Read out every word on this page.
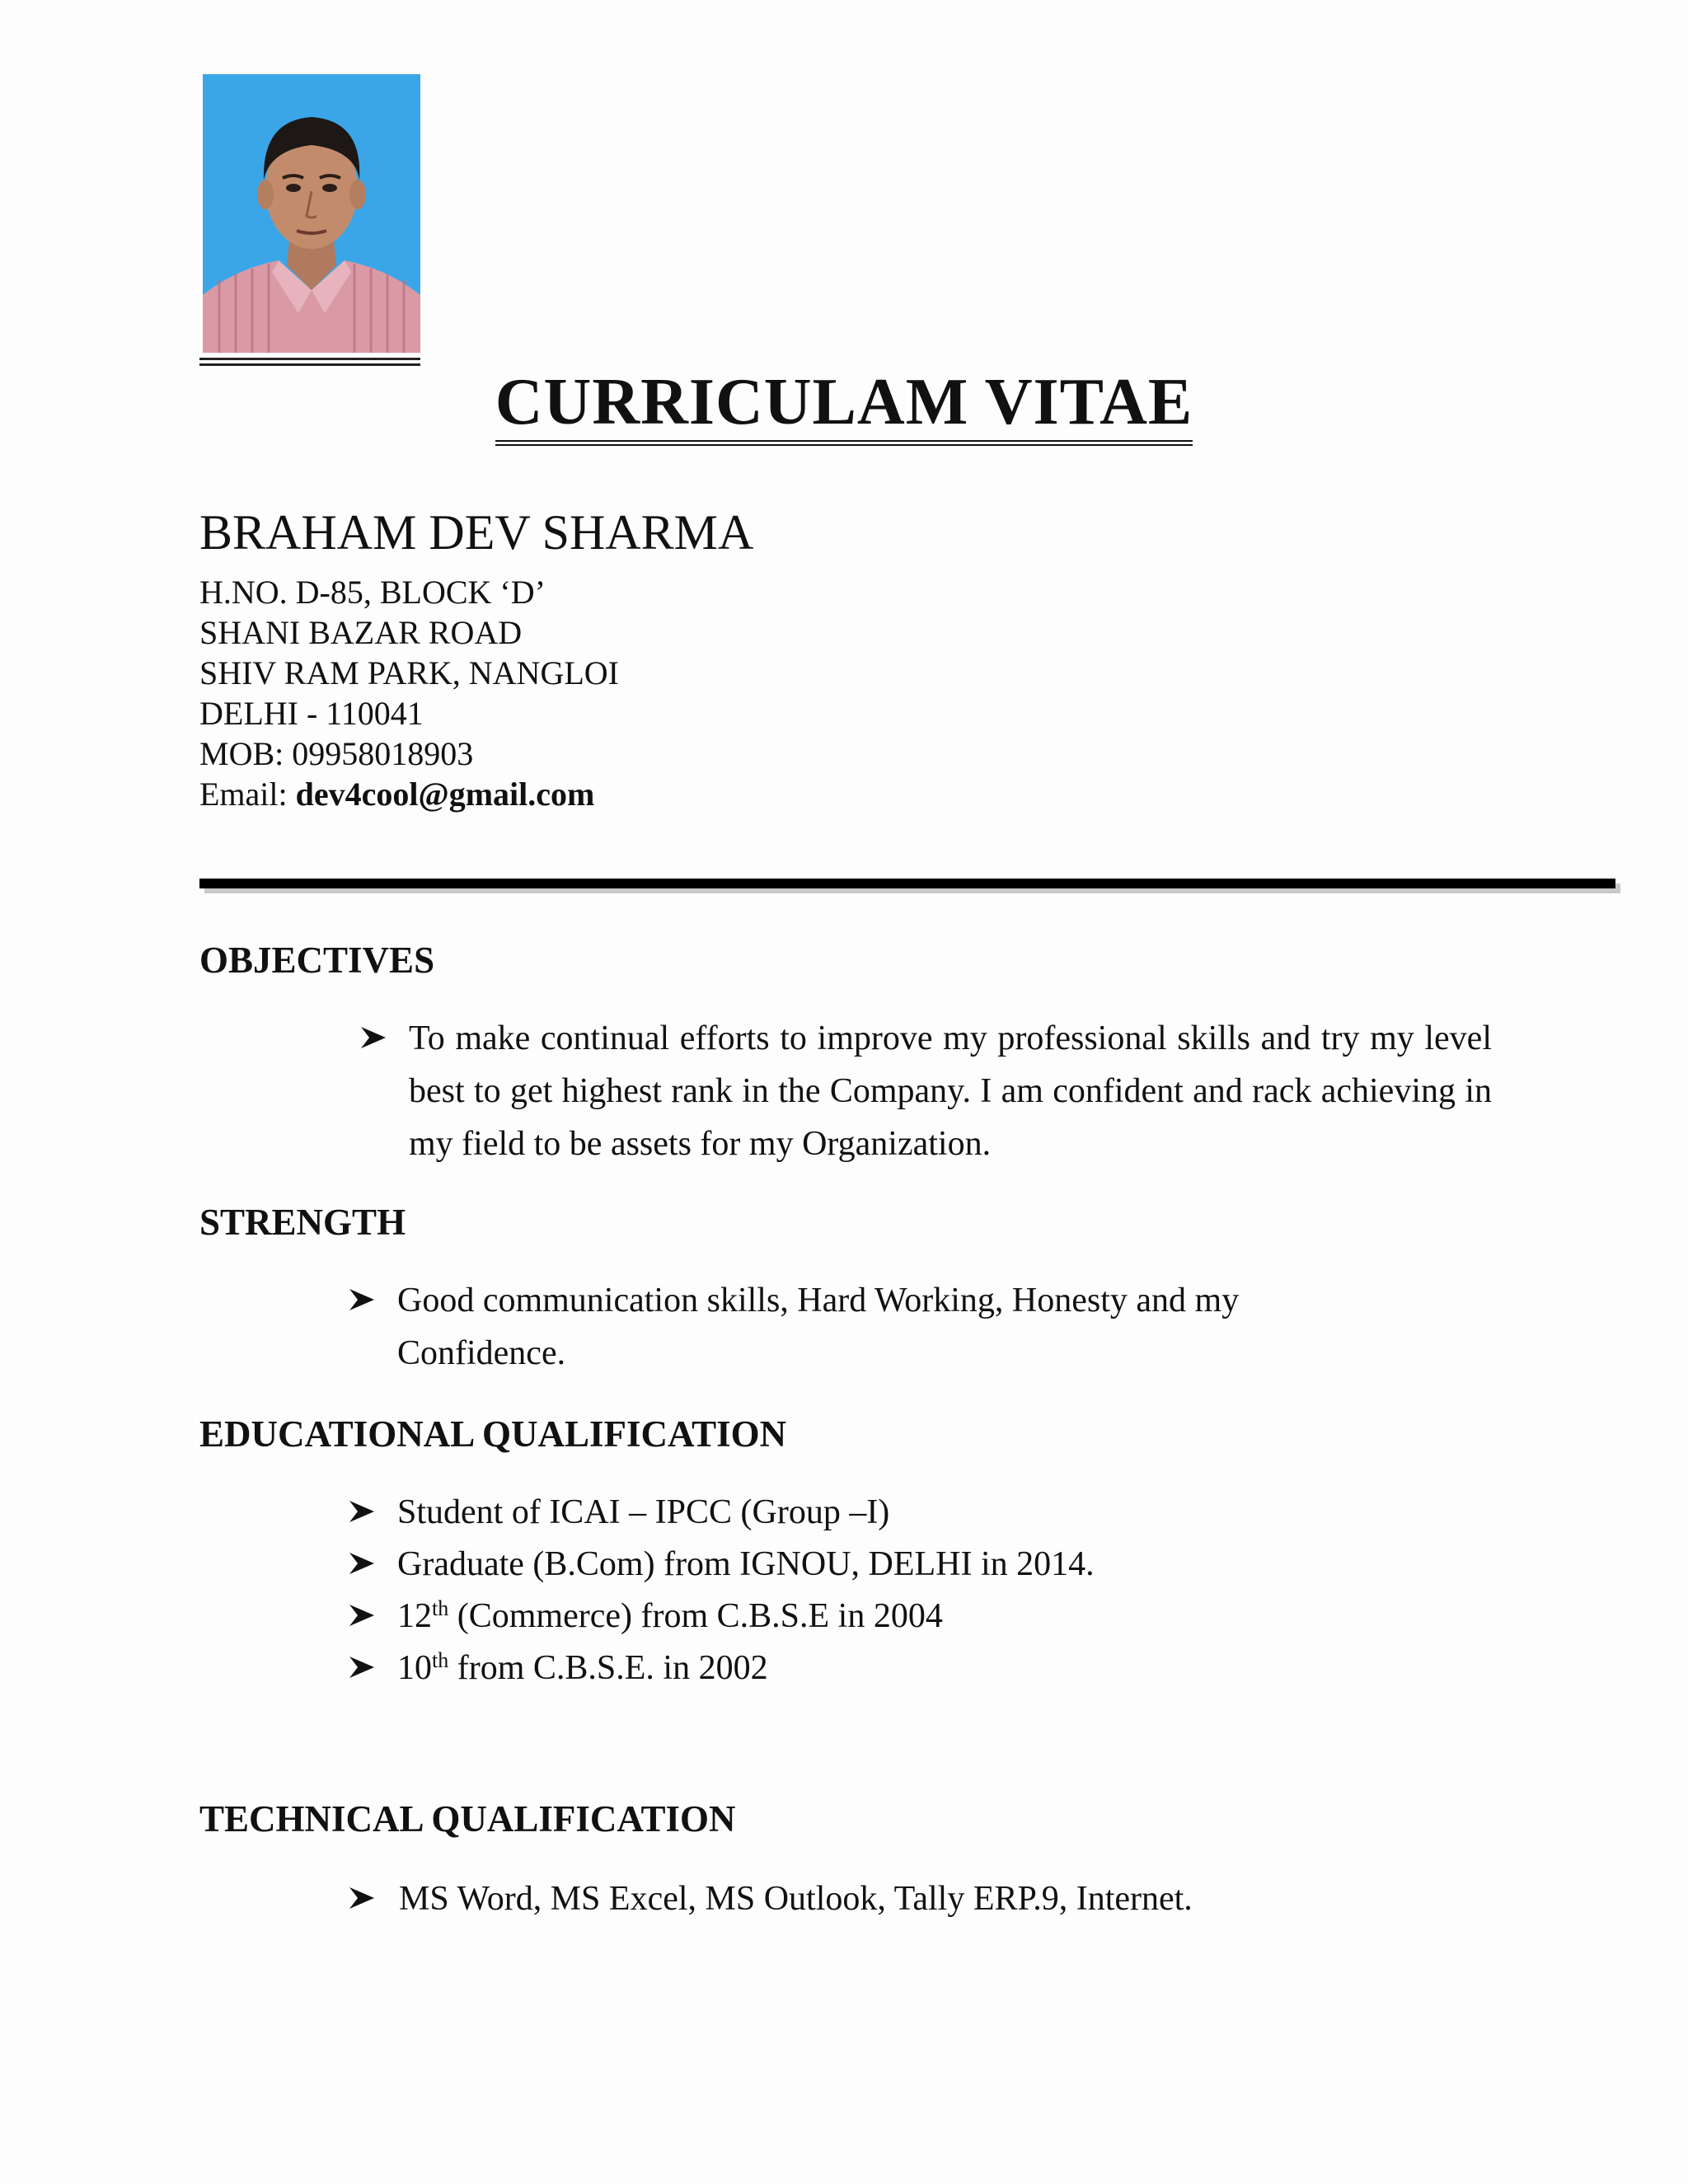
CURRICULAM VITAE
BRAHAM DEV SHARMA
H.NO. D-85, BLOCK ‘D’
SHANI BAZAR ROAD
SHIV RAM PARK, NANGLOI
DELHI - 110041
MOB: 09958018903
Email: dev4cool@gmail.com
OBJECTIVES
To make continual efforts to improve my professional skills and try my level best to get highest rank in the Company. I am confident and rack achieving in my field to be assets for my Organization.
STRENGTH
Good communication skills, Hard Working, Honesty and my Confidence.
EDUCATIONAL QUALIFICATION
Student of ICAI – IPCC (Group –I)
Graduate (B.Com) from IGNOU, DELHI in 2014.
12th (Commerce) from C.B.S.E in 2004
10th from C.B.S.E. in 2002
TECHNICAL QUALIFICATION
MS Word, MS Excel, MS Outlook, Tally ERP.9, Internet.
